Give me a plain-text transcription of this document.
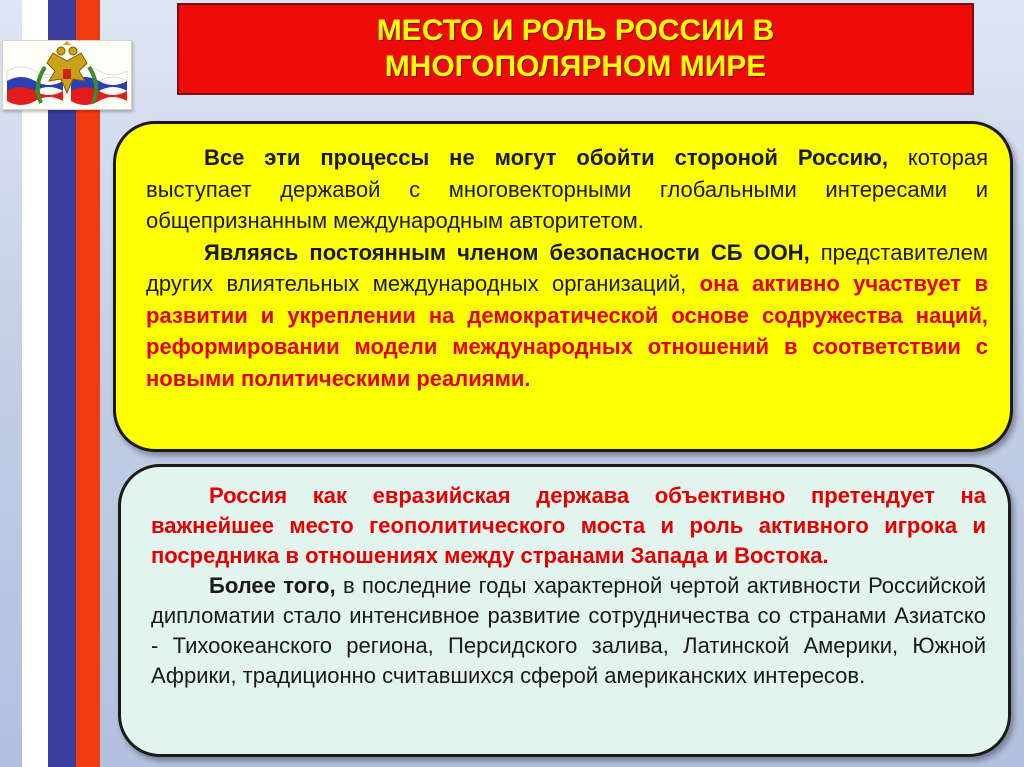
МЕСТО И РОЛЬ РОССИИ В
МНОГОПОЛЯРНОМ МИРЕ

Все эти процессы не могут обойти стороной Россию, которая выступает державой с многовекторными глобальными интересами и общепризнанным международным авторитетом.

Являясь постоянным членом безопасности СБ ООН, представителем других влиятельных международных организаций, она активно участвует в развитии и укреплении на демократической основе содружества наций, реформировании модели международных отношений в соответствии с новыми политическими реалиями.

Россия как евразийская держава объективно претендует на важнейшее место геополитического моста и роль активного игрока и посредника в отношениях между странами Запада и Востока.

Более того, в последние годы характерной чертой активности Российской дипломатии стало интенсивное развитие сотрудничества со странами Азиатско - Тихоокеанского региона, Персидского залива, Латинской Америки, Южной Африки, традиционно считавшихся сферой американских интересов.
